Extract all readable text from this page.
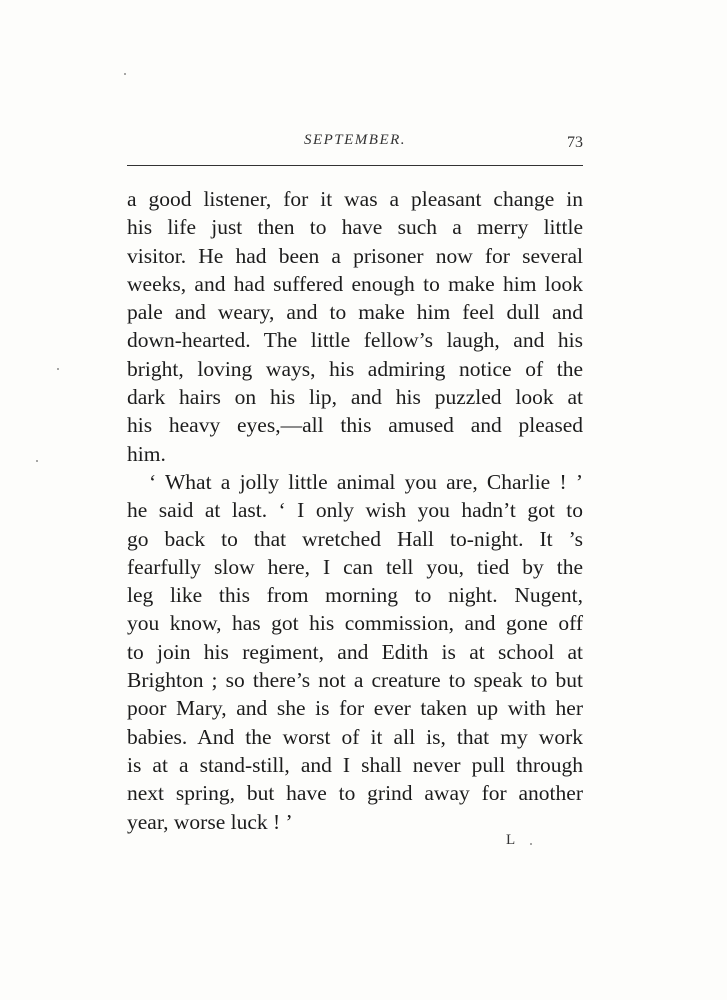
SEPTEMBER.	73
a good listener, for it was a pleasant change in
his life just then to have such a merry little
visitor. He had been a prisoner now for several
weeks, and had suffered enough to make him look
pale and weary, and to make him feel dull and
down-hearted. The little fellow’s laugh, and his
bright, loving ways, his admiring notice of the
dark hairs on his lip, and his puzzled look at
his heavy eyes,—all this amused and pleased
him.
‘ What a jolly little animal you are, Charlie ! ’
he said at last. ‘ I only wish you hadn’t got to
go back to that wretched Hall to-night. It ’s
fearfully slow here, I can tell you, tied by the
leg like this from morning to night. Nugent,
you know, has got his commission, and gone off
to join his regiment, and Edith is at school at
Brighton ; so there’s not a creature to speak to but
poor Mary, and she is for ever taken up with her
babies. And the worst of it all is, that my work
is at a stand-still, and I shall never pull through
next spring, but have to grind away for another
year, worse luck ! ’
L
